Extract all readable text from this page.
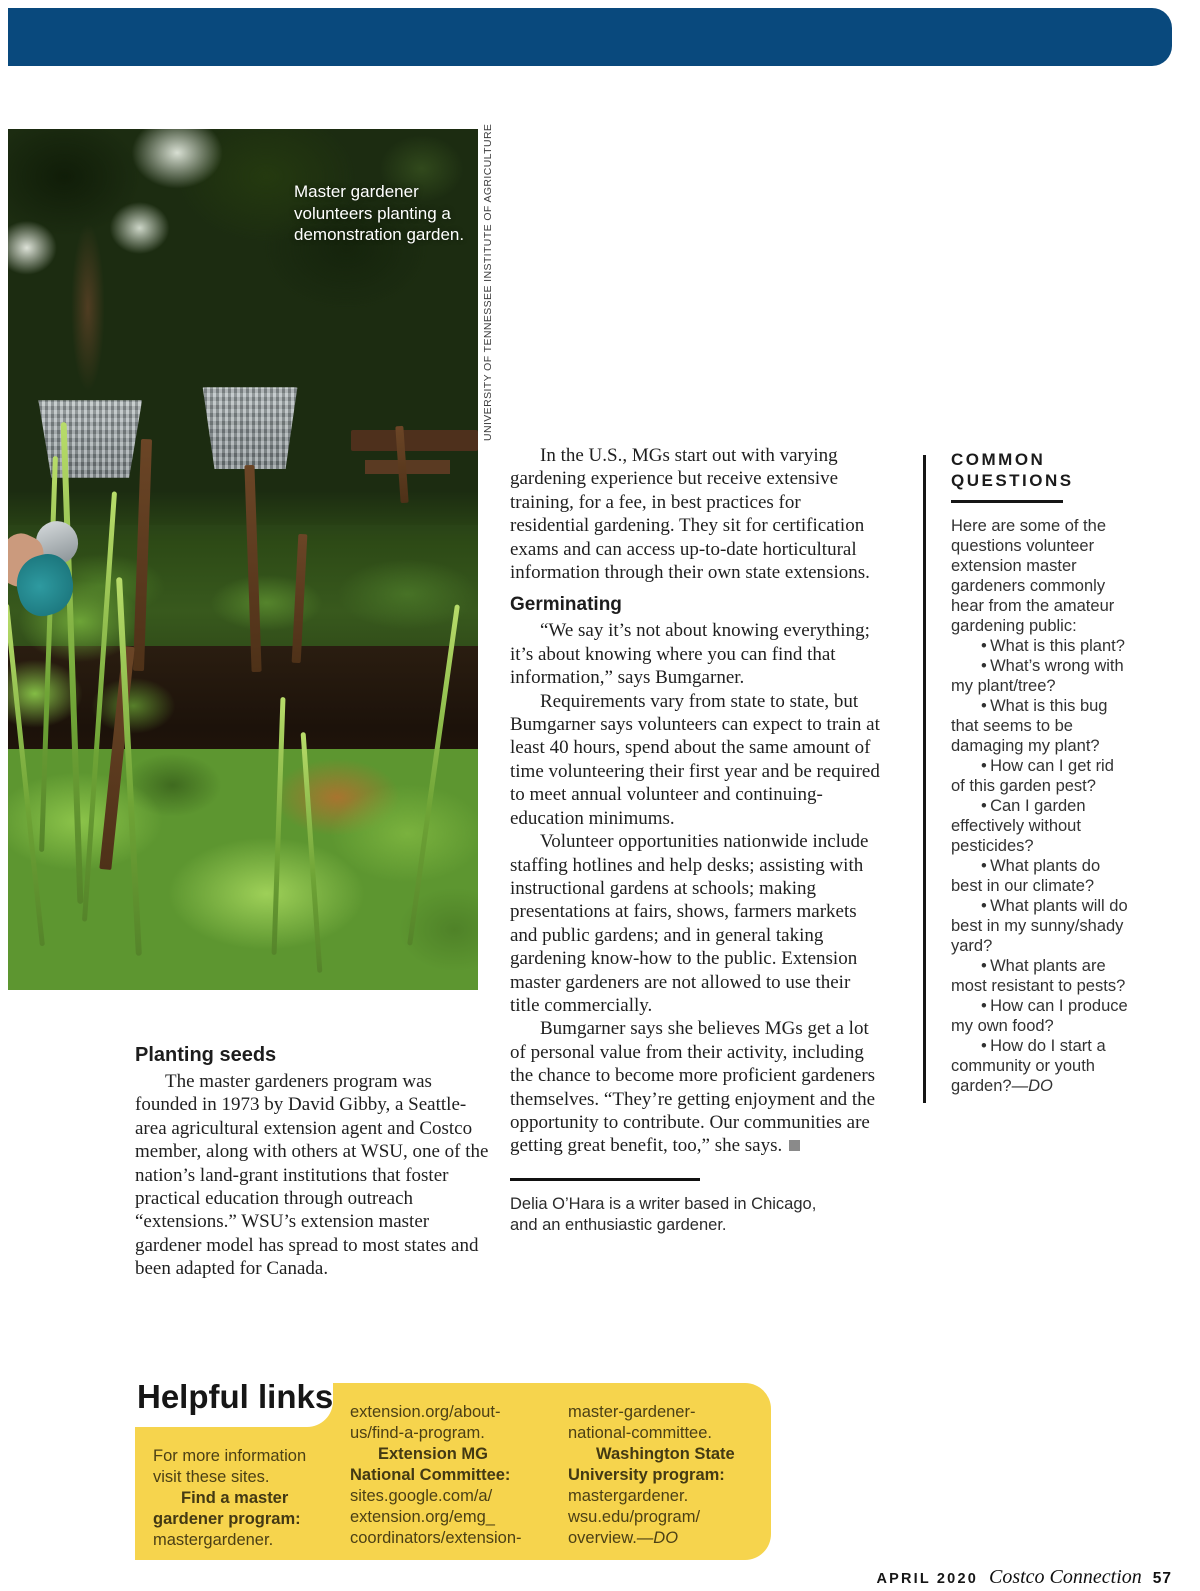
Master gardener volunteers planting a demonstration garden. UNIVERSITY OF TENNESSEE INSTITUTE OF AGRICULTURE
Planting seeds

The master gardeners program was founded in 1973 by David Gibby, a Seattle-area agricultural extension agent and Costco member, along with others at WSU, one of the nation’s land-grant institutions that foster practical education through outreach “extensions.” WSU’s extension master gardener model has spread to most states and been adapted for Canada.

In the U.S., MGs start out with varying gardening experience but receive extensive training, for a fee, in best practices for residential gardening. They sit for certification exams and can access up-to-date horticultural information through their own state extensions.

Germinating

“We say it’s not about knowing everything; it’s about knowing where you can find that information,” says Bumgarner.

Requirements vary from state to state, but Bumgarner says volunteers can expect to train at least 40 hours, spend about the same amount of time volunteering their first year and be required to meet annual volunteer and continuing-education minimums.

Volunteer opportunities nationwide include staffing hotlines and help desks; assisting with instructional gardens at schools; making presentations at fairs, shows, farmers markets and public gardens; and in general taking gardening know-how to the public. Extension master gardeners are not allowed to use their title commercially.

Bumgarner says she believes MGs get a lot of personal value from their activity, including the chance to become more proficient gardeners themselves. “They’re getting enjoyment and the opportunity to contribute. Our communities are getting great benefit, too,” she says.

Delia O’Hara is a writer based in Chicago, and an enthusiastic gardener.

COMMON
QUESTIONS

Here are some of the questions volunteer extension master gardeners commonly hear from the amateur gardening public:

• What is this plant?

• What’s wrong with my plant/tree?

• What is this bug that seems to be damaging my plant?

• How can I get rid of this garden pest?

• Can I garden effectively without pesticides?

• What plants do best in our climate?

• What plants will do best in my sunny/shady yard?

• What plants are most resistant to pests?

• How can I produce my own food?

• How do I start a community or youth garden?—DO

Helpful links
For more information
visit these sites.
Find a master
gardener program:
mastergardener.
extension.org/about-
us/find-a-program.
Extension MG
National Committee:
sites.google.com/a/
extension.org/emg_
coordinators/extension-
master-gardener-
national-committee.
Washington State
University program:
mastergardener.
wsu.edu/program/
overview.—DO
APRIL 2020 Costco Connection 57
